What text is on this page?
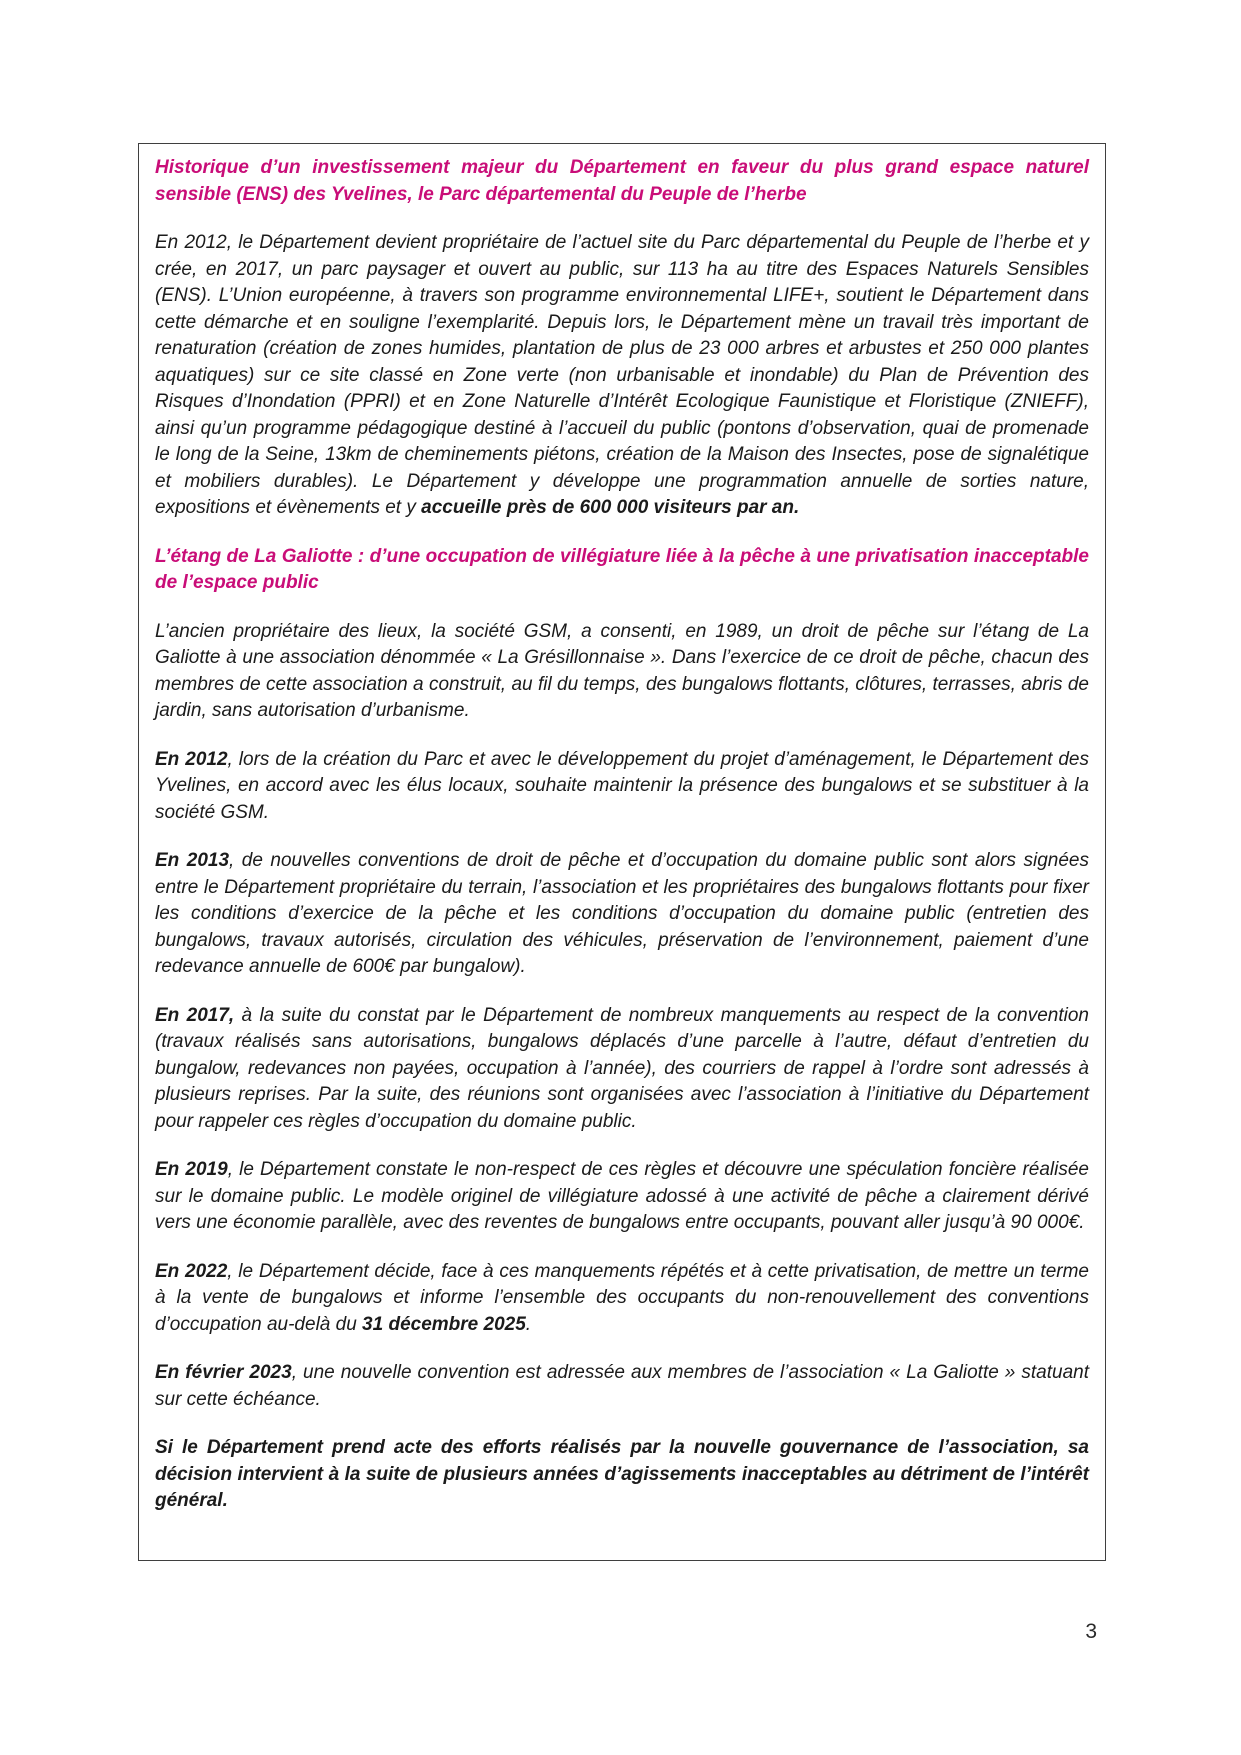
Historique d’un investissement majeur du Département en faveur du plus grand espace naturel sensible (ENS) des Yvelines, le Parc départemental du Peuple de l’herbe

En 2012, le Département devient propriétaire de l’actuel site du Parc départemental du Peuple de l’herbe et y crée, en 2017, un parc paysager et ouvert au public, sur 113 ha au titre des Espaces Naturels Sensibles (ENS). L’Union européenne, à travers son programme environnemental LIFE+, soutient le Département dans cette démarche et en souligne l’exemplarité. Depuis lors, le Département mène un travail très important de renaturation (création de zones humides, plantation de plus de 23 000 arbres et arbustes et 250 000 plantes aquatiques) sur ce site classé en Zone verte (non urbanisable et inondable) du Plan de Prévention des Risques d’Inondation (PPRI) et en Zone Naturelle d’Intérêt Ecologique Faunistique et Floristique (ZNIEFF), ainsi qu’un programme pédagogique destiné à l’accueil du public (pontons d’observation, quai de promenade le long de la Seine, 13km de cheminements piétons, création de la Maison des Insectes, pose de signalétique et mobiliers durables). Le Département y développe une programmation annuelle de sorties nature, expositions et évènements et y accueille près de 600 000 visiteurs par an.

L’étang de La Galiotte : d’une occupation de villégiature liée à la pêche à une privatisation inacceptable de l’espace public

L’ancien propriétaire des lieux, la société GSM, a consenti, en 1989, un droit de pêche sur l’étang de La Galiotte à une association dénommée « La Grésillonnaise ». Dans l’exercice de ce droit de pêche, chacun des membres de cette association a construit, au fil du temps, des bungalows flottants, clôtures, terrasses, abris de jardin, sans autorisation d’urbanisme.

En 2012, lors de la création du Parc et avec le développement du projet d’aménagement, le Département des Yvelines, en accord avec les élus locaux, souhaite maintenir la présence des bungalows et se substituer à la société GSM.

En 2013, de nouvelles conventions de droit de pêche et d’occupation du domaine public sont alors signées entre le Département propriétaire du terrain, l’association et les propriétaires des bungalows flottants pour fixer les conditions d’exercice de la pêche et les conditions d’occupation du domaine public (entretien des bungalows, travaux autorisés, circulation des véhicules, préservation de l’environnement, paiement d’une redevance annuelle de 600€ par bungalow).

En 2017, à la suite du constat par le Département de nombreux manquements au respect de la convention (travaux réalisés sans autorisations, bungalows déplacés d’une parcelle à l’autre, défaut d’entretien du bungalow, redevances non payées, occupation à l’année), des courriers de rappel à l’ordre sont adressés à plusieurs reprises. Par la suite, des réunions sont organisées avec l’association à l’initiative du Département pour rappeler ces règles d’occupation du domaine public.

En 2019, le Département constate le non-respect de ces règles et découvre une spéculation foncière réalisée sur le domaine public. Le modèle originel de villégiature adossé à une activité de pêche a clairement dérivé vers une économie parallèle, avec des reventes de bungalows entre occupants, pouvant aller jusqu’à 90 000€.

En 2022, le Département décide, face à ces manquements répétés et à cette privatisation, de mettre un terme à la vente de bungalows et informe l’ensemble des occupants du non-renouvellement des conventions d’occupation au-delà du 31 décembre 2025.

En février 2023, une nouvelle convention est adressée aux membres de l’association « La Galiotte » statuant sur cette échéance.

Si le Département prend acte des efforts réalisés par la nouvelle gouvernance de l’association, sa décision intervient à la suite de plusieurs années d’agissements inacceptables au détriment de l’intérêt général.

3
